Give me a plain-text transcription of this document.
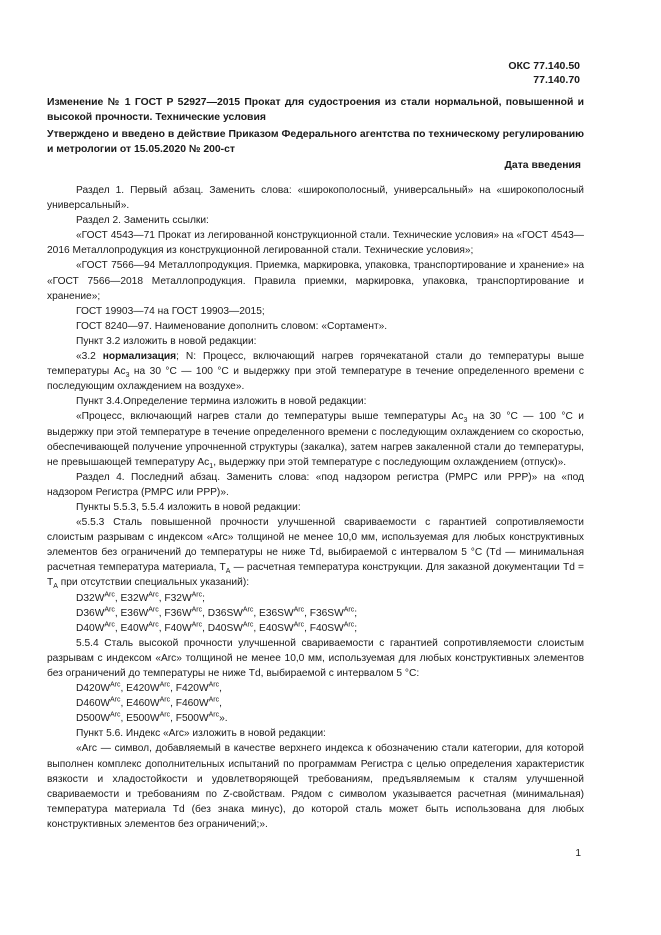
ОКС 77.140.50
77.140.70
Изменение № 1 ГОСТ Р 52927—2015 Прокат для судостроения из стали нормальной, повышенной и высокой прочности. Технические условия
Утверждено и введено в действие Приказом Федерального агентства по техническому регулированию и метрологии от 15.05.2020 № 200-ст
Дата введения

Раздел 1. Первый абзац. Заменить слова: «широкополосный, универсальный» на «широкополосный универсальный».

Раздел 2. Заменить ссылки:

«ГОСТ 4543—71 Прокат из легированной конструкционной стали. Технические условия» на «ГОСТ 4543—2016 Металлопродукция из конструкционной легированной стали. Технические условия»;

«ГОСТ 7566—94 Металлопродукция. Приемка, маркировка, упаковка, транспортирование и хранение» на «ГОСТ 7566—2018 Металлопродукция. Правила приемки, маркировка, упаковка, транспортирование и хранение»;

ГОСТ 19903—74 на ГОСТ 19903—2015;

ГОСТ 8240—97. Наименование дополнить словом: «Сортамент».

Пункт 3.2 изложить в новой редакции:

«3.2 нормализация; N: Процесс, включающий нагрев горячекатаной стали до температуры выше температуры $Ас_3$ на 30 °С — 100 °С и выдержку при этой температуре в течение определенного времени с последующим охлаждением на воздухе».

Пункт 3.4.Определение термина изложить в новой редакции:

«Процесс, включающий нагрев стали до температуры выше температуры $Ас_3$ на 30 °С — 100 °С и выдержку при этой температуре в течение определенного времени с последующим охлаждением со скоростью, обеспечивающей получение упрочненной структуры (закалка), затем нагрев закаленной стали до температуры, не превышающей температуру $Ас_1$, выдержку при этой температуре с последующим охлаждением (отпуск)».

Раздел 4. Последний абзац. Заменить слова: «под надзором регистра (РМРС или РРР)» на «под надзором Регистра (РМРС или РРР)».

Пункты 5.5.3, 5.5.4 изложить в новой редакции:

«5.5.3 Сталь повышенной прочности улучшенной свариваемости с гарантией сопротивляемости слоистым разрывам с индексом «Arc» толщиной не менее 10,0 мм, используемая для любых конструктивных элементов без ограничений до температуры не ниже Td, выбираемой с интервалом 5 °С (Td — минимальная расчетная температура материала, $T_A$ — расчетная температура конструкции. Для заказной документации $Td = T_A$ при отсутствии специальных указаний):

$D32W^{Arc}$, $E32W^{Arc}$, $F32W^{Arc}$;

$D36W^{Arc}$, $E36W^{Arc}$, $F36W^{Arc}$, $D36SW^{Arc}$, $E36SW^{Arc}$, $F36SW^{Arc}$;

$D40W^{Arc}$, $E40W^{Arc}$, $F40W^{Arc}$, $D40SW^{Arc}$, $E40SW^{Arc}$, $F40SW^{Arc}$;

5.5.4 Сталь высокой прочности улучшенной свариваемости с гарантией сопротивляемости слоистым разрывам с индексом «Arc» толщиной не менее 10,0 мм, используемая для любых конструктивных элементов без ограничений до температуры не ниже Td, выбираемой с интервалом 5 °С:

$D420W^{Arc}$, $E420W^{Arc}$, $F420W^{Arc}$,

$D460W^{Arc}$, $E460W^{Arc}$, $F460W^{Arc}$,

$D500W^{Arc}$, $E500W^{Arc}$, $F500W^{Arc}$».

Пункт 5.6. Индекс «Arc» изложить в новой редакции:

«Arc — символ, добавляемый в качестве верхнего индекса к обозначению стали категории, для которой выполнен комплекс дополнительных испытаний по программам Регистра с целью определения характеристик вязкости и хладостойкости и удовлетворяющей требованиям, предъявляемым к сталям улучшенной свариваемости и требованиям по Z-свойствам. Рядом с символом указывается расчетная (минимальная) температура материала Td (без знака минус), до которой сталь может быть использована для любых конструктивных элементов без ограничений;».

1
